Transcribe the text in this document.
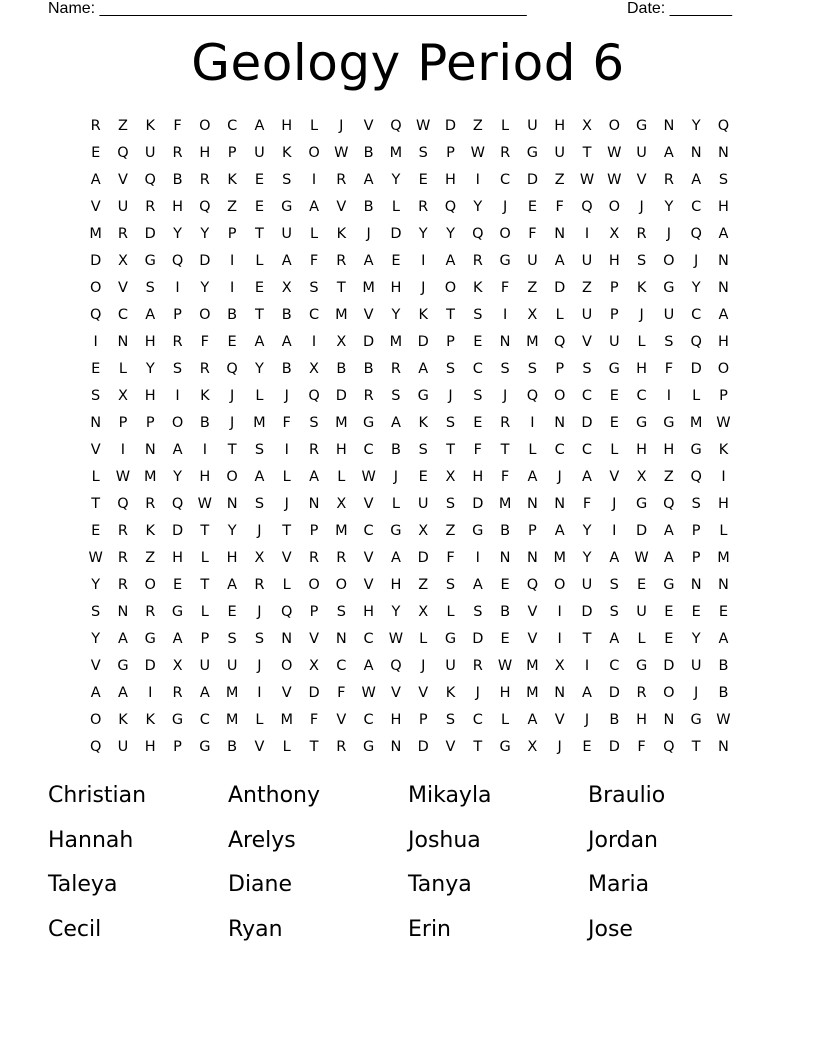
Name: ________________________________________________	Date: _______
Geology Period 6
R	Z	K	F	O	C	A	H	L	J	V	Q W	D	Z	L	U	H	X	O	G	N	Y	Q
E	Q	U	R	H	P	U	K	O W	B	M	S	P	W	R	G	U	T	W	U	A	N	N
A	V	Q	B	R	K	E	S	I	R	A	Y	E	H	I	C	D	Z	W W	V	R	A	S
V	U	R	H	Q	Z	E	G	A	V	B	L	R	Q	Y	J	E	F	Q	O	J	Y	C	H
M	R	D	Y	Y	P	T	U	L	K	J	D	Y	Y	Q	O	F	N	I	X	R	J	Q	A
D	X	G	Q	D	I	L	A	F	R	A	E	I	A	R	G	U	A	U	H	S	O	J	N
O	V	S	I	Y	I	E	X	S	T	M	H	J	O	K	F	Z	D	Z	P	K	G	Y	N
Q	C	A	P	O	B	T	B	C	M	V	Y	K	T	S	I	X	L	U	P	J	U	C	A
I	N	H	R	F	E	A	A	I	X	D	M	D	P	E	N	M	Q	V	U	L	S	Q	H
E	L	Y	S	R	Q	Y	B	X	B	B	R	A	S	C	S	S	P	S	G	H	F	D	O
S	X	H	I	K	J	L	J	Q	D	R	S	G	J	S	J	Q	O	C	E	C	I	L	P
N	P	P	O	B	J	M	F	S	M	G	A	K	S	E	R	I	N	D	E	G	G	M W
V	I	N	A	I	T	S	I	R	H	C	B	S	T	F	T	L	C	C	L	H	H	G	K
L	W M	Y	H	O	A	L	A	L	W	J	E	X	H	F	A	J	A	V	X	Z	Q	I
T	Q	R	Q W	N	S	J	N	X	V	L	U	S	D	M	N	N	F	J	G	Q	S	H
E	R	K	D	T	Y	J	T	P	M	C	G	X	Z	G	B	P	A	Y	I	D	A	P	L
W	R	Z	H	L	H	X	V	R	R	V	A	D	F	I	N	N	M	Y	A	W	A	P	M
Y	R	O	E	T	A	R	L	O	O	V	H	Z	S	A	E	Q	O	U	S	E	G	N	N
S	N	R	G	L	E	J	Q	P	S	H	Y	X	L	S	B	V	I	D	S	U	E	E	E
Y	A	G	A	P	S	S	N	V	N	C	W	L	G	D	E	V	I	T	A	L	E	Y	A
V	G	D	X	U	U	J	O	X	C	A	Q	J	U	R	W M	X	I	C	G	D	U	B
A	A	I	R	A	M	I	V	D	F	W	V	V	K	J	H	M	N	A	D	R	O	J	B
O	K	K	G	C	M	L	M	F	V	C	H	P	S	C	L	A	V	J	B	H	N	G	W
Q	U	H	P	G	B	V	L	T	R	G	N	D	V	T	G	X	J	E	D	F	Q	T	N
Christian	Anthony	Mikayla	Braulio
Hannah	Arelys	Joshua	Jordan
Taleya	Diane	Tanya	Maria
Cecil	Ryan	Erin	Jose
